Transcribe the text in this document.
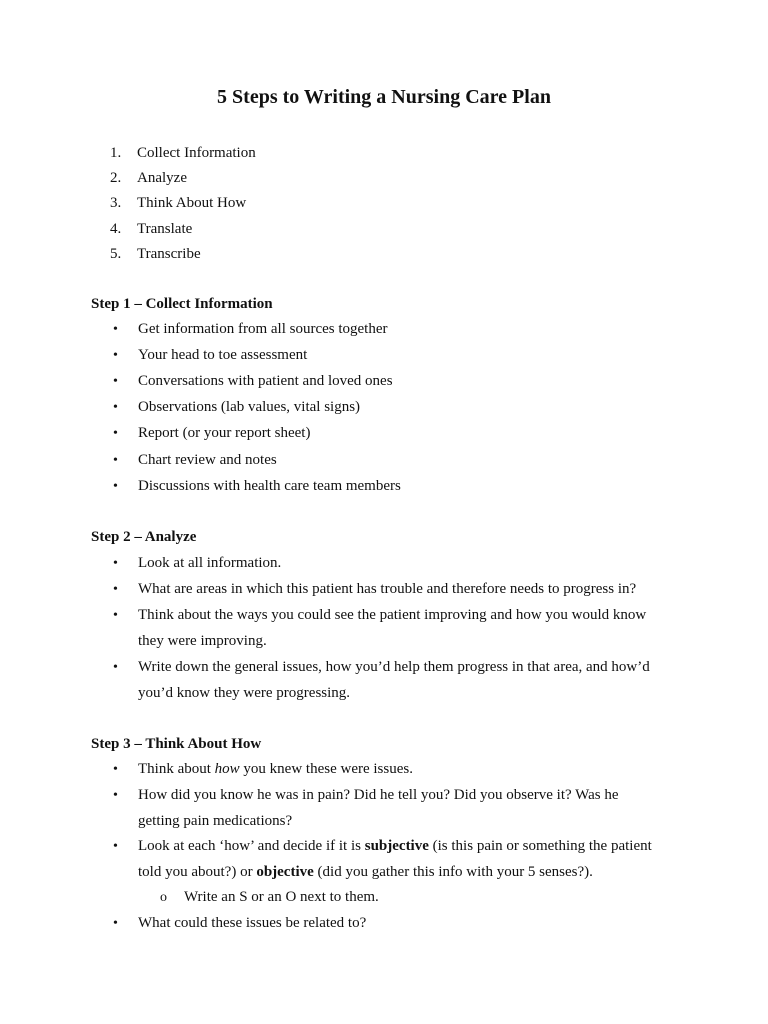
5 Steps to Writing a Nursing Care Plan
1. Collect Information
2. Analyze
3. Think About How
4. Translate
5. Transcribe
Step 1 – Collect Information
• Get information from all sources together
• Your head to toe assessment
• Conversations with patient and loved ones
• Observations (lab values, vital signs)
• Report (or your report sheet)
• Chart review and notes
• Discussions with health care team members
Step 2 – Analyze
• Look at all information.
• What are areas in which this patient has trouble and therefore needs to progress in?
• Think about the ways you could see the patient improving and how you would know they were improving.
• Write down the general issues, how you’d help them progress in that area, and how’d you’d know they were progressing.
Step 3 – Think About How
• Think about how you knew these were issues.
• How did you know he was in pain? Did he tell you? Did you observe it? Was he getting pain medications?
• Look at each ‘how’ and decide if it is subjective (is this pain or something the patient told you about?) or objective (did you gather this info with your 5 senses?).
o Write an S or an O next to them.
• What could these issues be related to?
